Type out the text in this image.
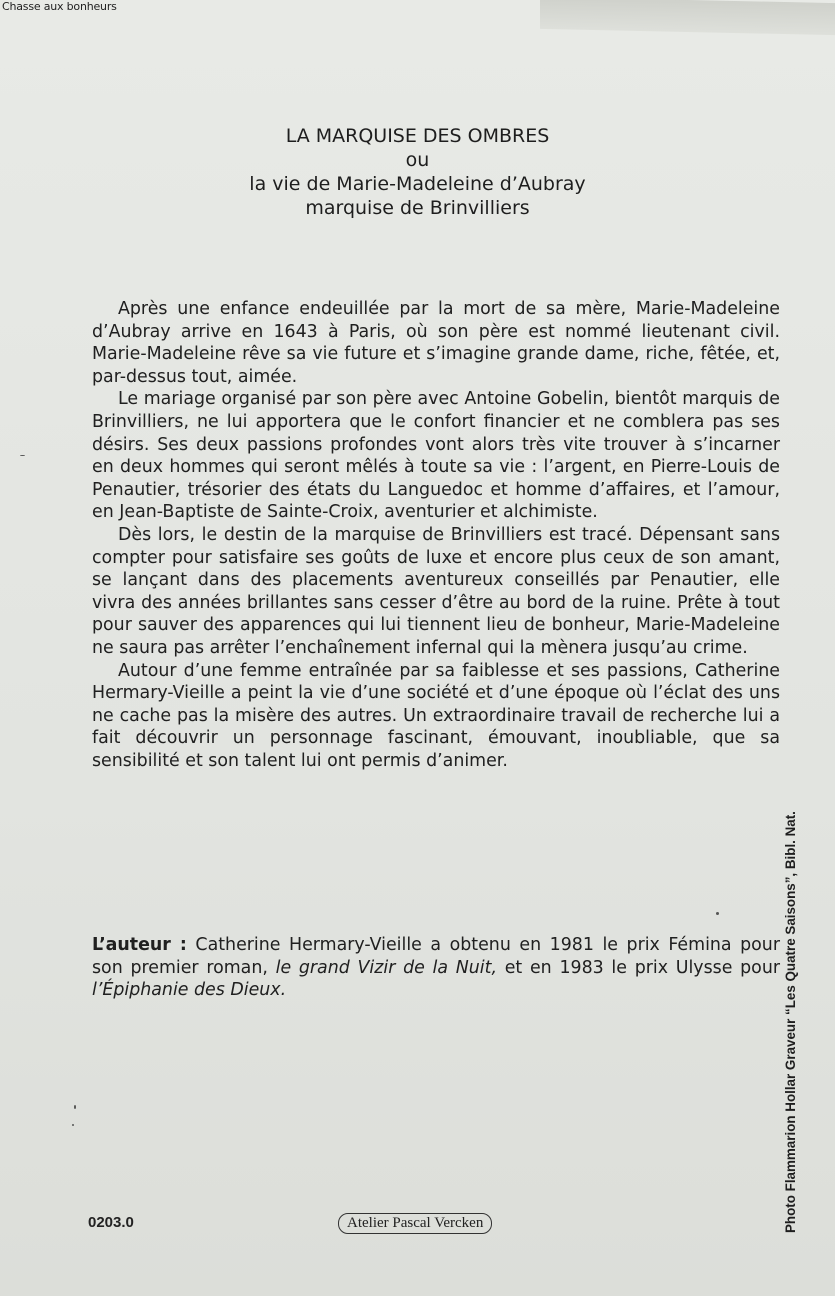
Chasse aux bonheurs
LA MARQUISE DES OMBRES
ou
la vie de Marie-Madeleine d’Aubray
marquise de Brinvilliers

Après une enfance endeuillée par la mort de sa mère, Marie-Madeleine d’Aubray arrive en 1643 à Paris, où son père est nommé lieutenant civil. Marie-Madeleine rêve sa vie future et s’imagine grande dame, riche, fêtée, et, par-dessus tout, aimée.

Le mariage organisé par son père avec Antoine Gobelin, bientôt marquis de Brinvilliers, ne lui apportera que le confort financier et ne comblera pas ses désirs. Ses deux passions profondes vont alors très vite trouver à s’incarner en deux hommes qui seront mêlés à toute sa vie : l’argent, en Pierre-Louis de Penautier, trésorier des états du Languedoc et homme d’affaires, et l’amour, en Jean-Baptiste de Sainte-Croix, aventurier et alchimiste.

Dès lors, le destin de la marquise de Brinvilliers est tracé. Dépensant sans compter pour satisfaire ses goûts de luxe et encore plus ceux de son amant, se lançant dans des placements aventureux conseillés par Penautier, elle vivra des années brillantes sans cesser d’être au bord de la ruine. Prête à tout pour sauver des apparences qui lui tiennent lieu de bonheur, Marie-Madeleine ne saura pas arrêter l’enchaînement infernal qui la mènera jusqu’au crime.

Autour d’une femme entraînée par sa faiblesse et ses passions, Catherine Hermary-Vieille a peint la vie d’une société et d’une époque où l’éclat des uns ne cache pas la misère des autres. Un extraordinaire travail de recherche lui a fait découvrir un personnage fascinant, émouvant, inoubliable, que sa sensibilité et son talent lui ont permis d’animer.

L’auteur : Catherine Hermary-Vieille a obtenu en 1981 le prix Fémina pour son premier roman, le grand Vizir de la Nuit, et en 1983 le prix Ulysse pour l’Épiphanie des Dieux.
0203.0	Atelier Pascal Vercken	Photo Flammarion Hollar Graveur “Les Quatre Saisons”, Bibl. Nat.
